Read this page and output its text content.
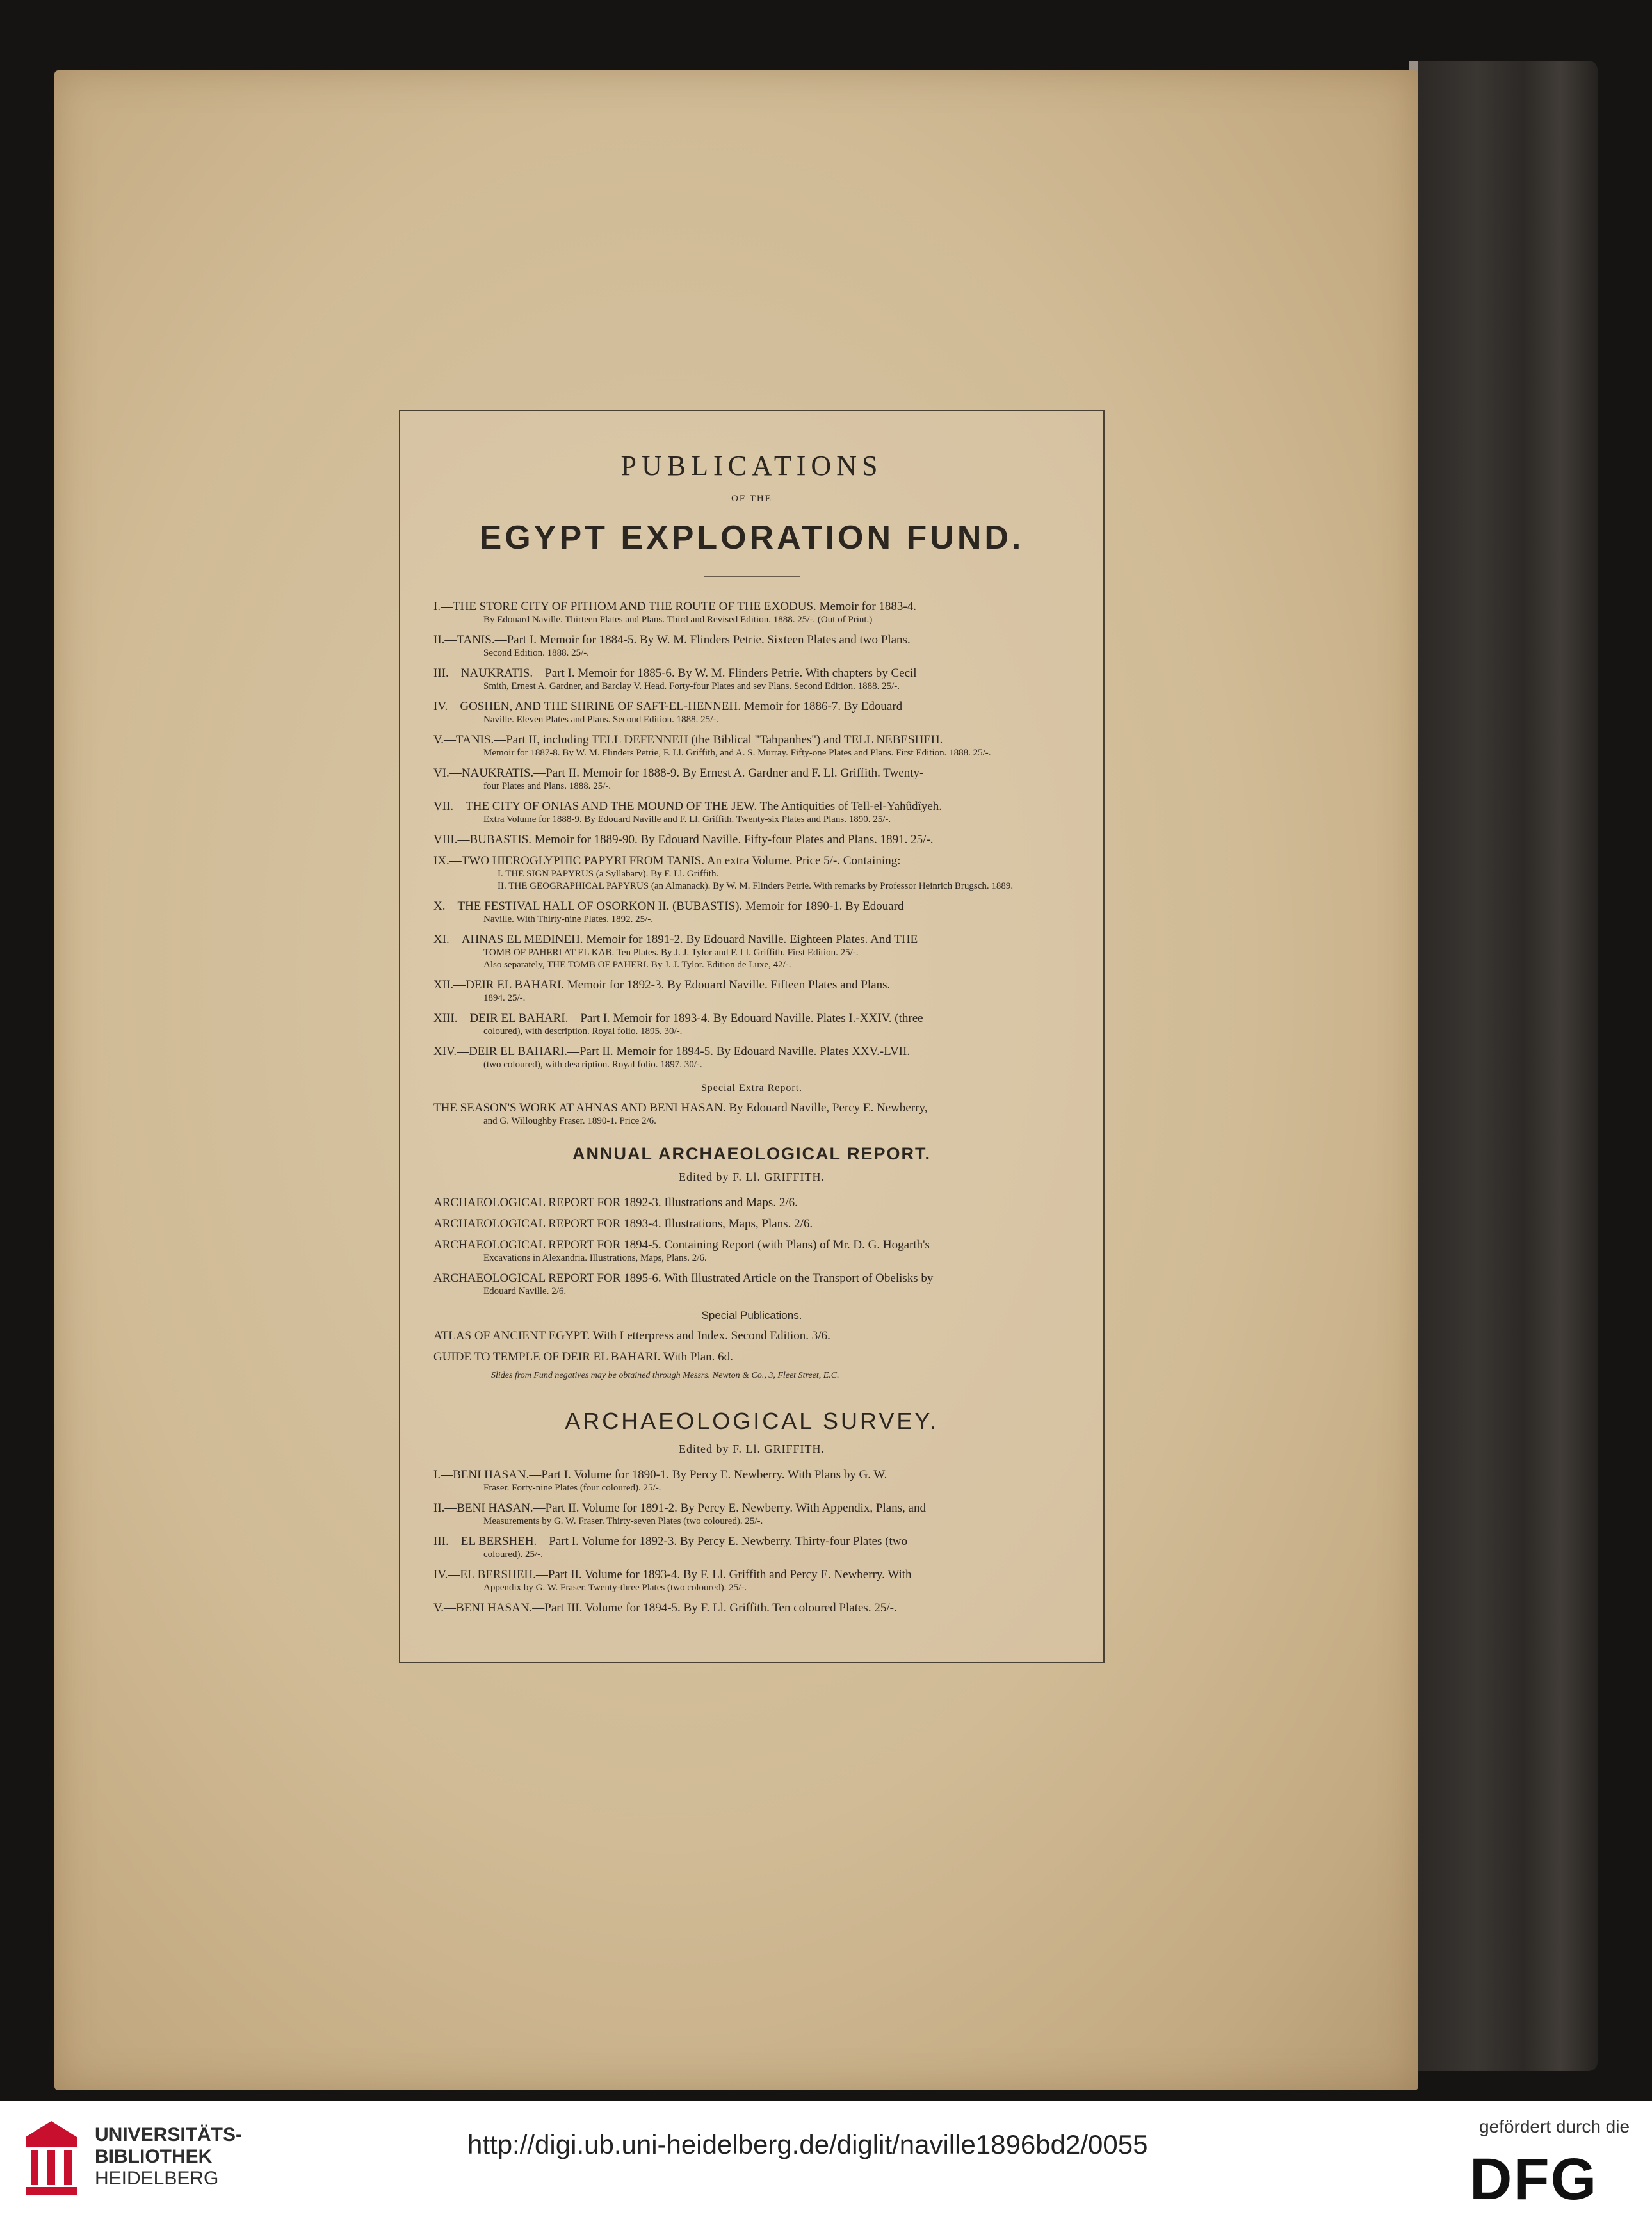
PUBLICATIONS
OF THE
EGYPT EXPLORATION FUND.
I.—THE STORE CITY OF PITHOM AND THE ROUTE OF THE EXODUS. Memoir for 1883-4.
By Edouard Naville. Thirteen Plates and Plans. Third and Revised Edition. 1888. 25/-. (Out of Print.)
II.—TANIS.—Part I. Memoir for 1884-5. By W. M. Flinders Petrie. Sixteen Plates and two Plans.
Second Edition. 1888. 25/-.
III.—NAUKRATIS.—Part I. Memoir for 1885-6. By W. M. Flinders Petrie. With chapters by Cecil
Smith, Ernest A. Gardner, and Barclay V. Head. Forty-four Plates and sev Plans. Second Edition. 1888. 25/-.
IV.—GOSHEN, AND THE SHRINE OF SAFT-EL-HENNEH. Memoir for 1886-7. By Edouard
Naville. Eleven Plates and Plans. Second Edition. 1888. 25/-.
V.—TANIS.—Part II, including TELL DEFENNEH (the Biblical "Tahpanhes") and TELL NEBESHEH.
Memoir for 1887-8. By W. M. Flinders Petrie, F. Ll. Griffith, and A. S. Murray. Fifty-one Plates and Plans. First Edition. 1888. 25/-.
VI.—NAUKRATIS.—Part II. Memoir for 1888-9. By Ernest A. Gardner and F. Ll. Griffith. Twenty-
four Plates and Plans. 1888. 25/-.
VII.—THE CITY OF ONIAS AND THE MOUND OF THE JEW. The Antiquities of Tell-el-Yahûdîyeh.
Extra Volume for 1888-9. By Edouard Naville and F. Ll. Griffith. Twenty-six Plates and Plans. 1890. 25/-.
VIII.—BUBASTIS. Memoir for 1889-90. By Edouard Naville. Fifty-four Plates and Plans. 1891. 25/-.
IX.—TWO HIEROGLYPHIC PAPYRI FROM TANIS. An extra Volume. Price 5/-. Containing:
I. THE SIGN PAPYRUS (a Syllabary). By F. Ll. Griffith.
II. THE GEOGRAPHICAL PAPYRUS (an Almanack). By W. M. Flinders Petrie. With remarks by Professor Heinrich Brugsch. 1889.
X.—THE FESTIVAL HALL OF OSORKON II. (BUBASTIS). Memoir for 1890-1. By Edouard
Naville. With Thirty-nine Plates. 1892. 25/-.
XI.—AHNAS EL MEDINEH. Memoir for 1891-2. By Edouard Naville. Eighteen Plates. And THE
TOMB OF PAHERI AT EL KAB. Ten Plates. By J. J. Tylor and F. Ll. Griffith. First Edition. 25/-.
Also separately, THE TOMB OF PAHERI. By J. J. Tylor. Edition de Luxe, 42/-.
XII.—DEIR EL BAHARI. Memoir for 1892-3. By Edouard Naville. Fifteen Plates and Plans.
1894. 25/-.
XIII.—DEIR EL BAHARI.—Part I. Memoir for 1893-4. By Edouard Naville. Plates I.-XXIV. (three
coloured), with description. Royal folio. 1895. 30/-.
XIV.—DEIR EL BAHARI.—Part II. Memoir for 1894-5. By Edouard Naville. Plates XXV.-LVII.
(two coloured), with description. Royal folio. 1897. 30/-.
Special Extra Report.
THE SEASON'S WORK AT AHNAS AND BENI HASAN. By Edouard Naville, Percy E. Newberry,
and G. Willoughby Fraser. 1890-1. Price 2/6.
ANNUAL ARCHAEOLOGICAL REPORT.
Edited by F. Ll. GRIFFITH.
ARCHAEOLOGICAL REPORT FOR 1892-3. Illustrations and Maps. 2/6.
ARCHAEOLOGICAL REPORT FOR 1893-4. Illustrations, Maps, Plans. 2/6.
ARCHAEOLOGICAL REPORT FOR 1894-5. Containing Report (with Plans) of Mr. D. G. Hogarth's
Excavations in Alexandria. Illustrations, Maps, Plans. 2/6.
ARCHAEOLOGICAL REPORT FOR 1895-6. With Illustrated Article on the Transport of Obelisks by
Edouard Naville. 2/6.
Special Publications.
ATLAS OF ANCIENT EGYPT. With Letterpress and Index. Second Edition. 3/6.
GUIDE TO TEMPLE OF DEIR EL BAHARI. With Plan. 6d.
Slides from Fund negatives may be obtained through Messrs. Newton & Co., 3, Fleet Street, E.C.
ARCHAEOLOGICAL SURVEY.
Edited by F. Ll. GRIFFITH.
I.—BENI HASAN.—Part I. Volume for 1890-1. By Percy E. Newberry. With Plans by G. W.
Fraser. Forty-nine Plates (four coloured). 25/-.
II.—BENI HASAN.—Part II. Volume for 1891-2. By Percy E. Newberry. With Appendix, Plans, and
Measurements by G. W. Fraser. Thirty-seven Plates (two coloured). 25/-.
III.—EL BERSHEH.—Part I. Volume for 1892-3. By Percy E. Newberry. Thirty-four Plates (two
coloured). 25/-.
IV.—EL BERSHEH.—Part II. Volume for 1893-4. By F. Ll. Griffith and Percy E. Newberry. With
Appendix by G. W. Fraser. Twenty-three Plates (two coloured). 25/-.
V.—BENI HASAN.—Part III. Volume for 1894-5. By F. Ll. Griffith. Ten coloured Plates. 25/-.
UNIVERSITÄTS-
BIBLIOTHEK
HEIDELBERG
http://digi.ub.uni-heidelberg.de/diglit/naville1896bd2/0055
gefördert durch die
DFG
